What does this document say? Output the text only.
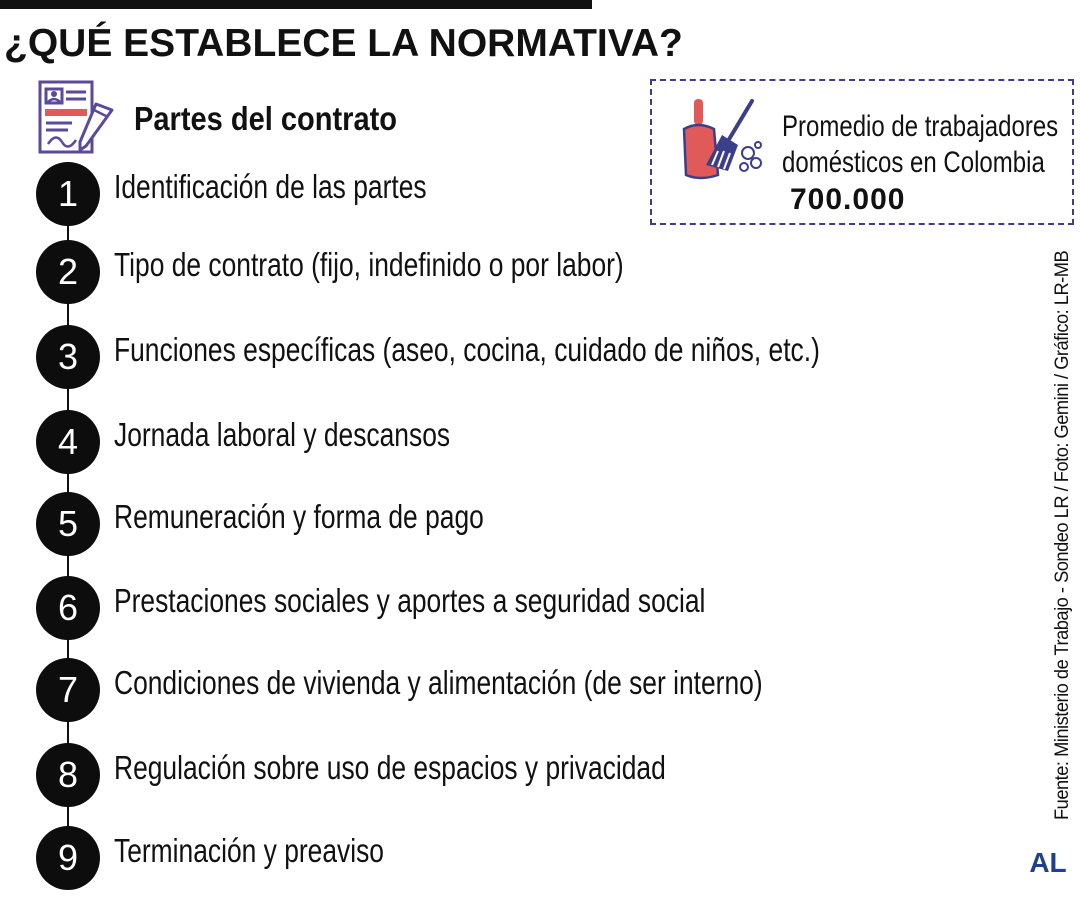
¿QUÉ ESTABLECE LA NORMATIVA?
Partes del contrato
1	Identificación de las partes
2	Tipo de contrato (fijo, indefinido o por labor)
3	Funciones específicas (aseo, cocina, cuidado de niños, etc.)
4	Jornada laboral y descansos
5	Remuneración y forma de pago
6	Prestaciones sociales y aportes a seguridad social
7	Condiciones de vivienda y alimentación (de ser interno)
8	Regulación sobre uso de espacios y privacidad
9	Terminación y preaviso
Promedio de trabajadores
domésticos en Colombia
700.000
Fuente: Ministerio de Trabajo - Sondeo LR / Foto: Gemini / Gráfico: LR-MB
AL
